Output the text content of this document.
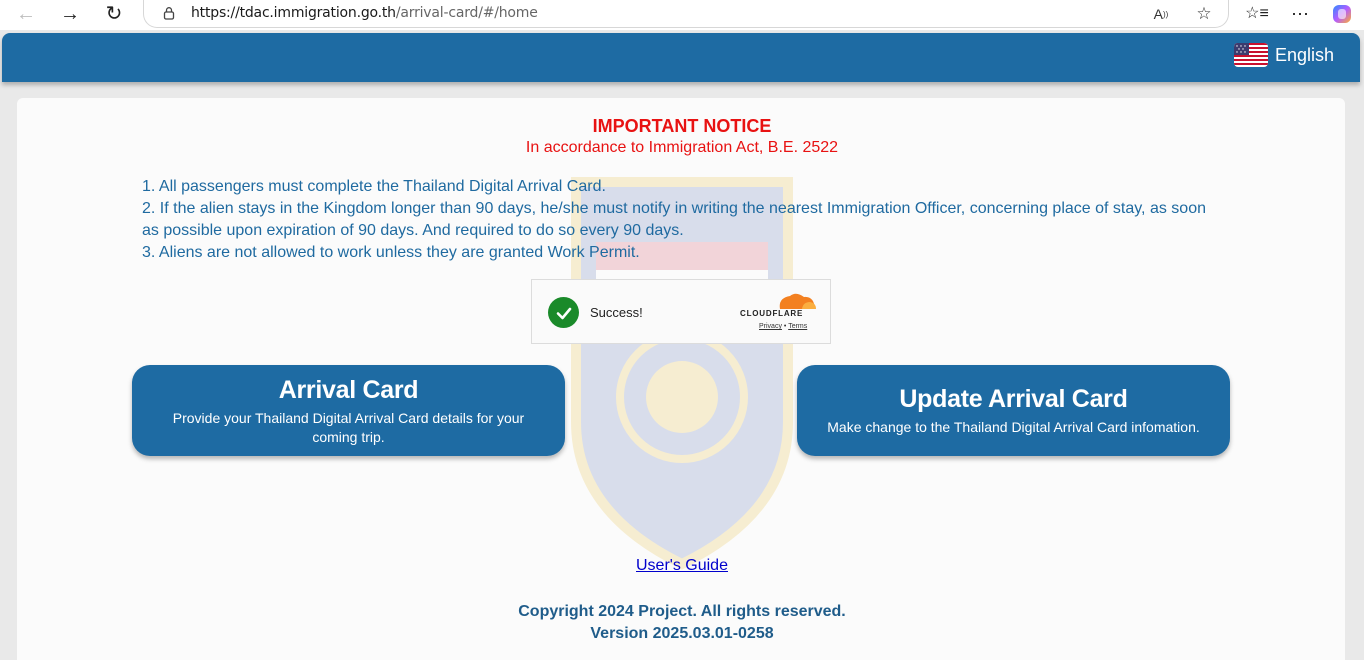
← → ↻	https://tdac.immigration.go.th/arrival-card/#/home	A )) ☆ ☆≡ ⋯
English
IMPORTANT NOTICE
In accordance to Immigration Act, B.E. 2522
1. All passengers must complete the Thailand Digital Arrival Card.
2. If the alien stays in the Kingdom longer than 90 days, he/she must notify in writing the nearest Immigration Officer, concerning place of stay, as soon as possible upon expiration of 90 days. And required to do so every 90 days.
3. Aliens are not allowed to work unless they are granted Work Permit.
Success!	CLOUDFLARE
Privacy • Terms
Arrival Card
Provide your Thailand Digital Arrival Card details for your coming trip.
Update Arrival Card
Make change to the Thailand Digital Arrival Card infomation.
User's Guide
Copyright 2024 Project. All rights reserved.
Version 2025.03.01-0258
